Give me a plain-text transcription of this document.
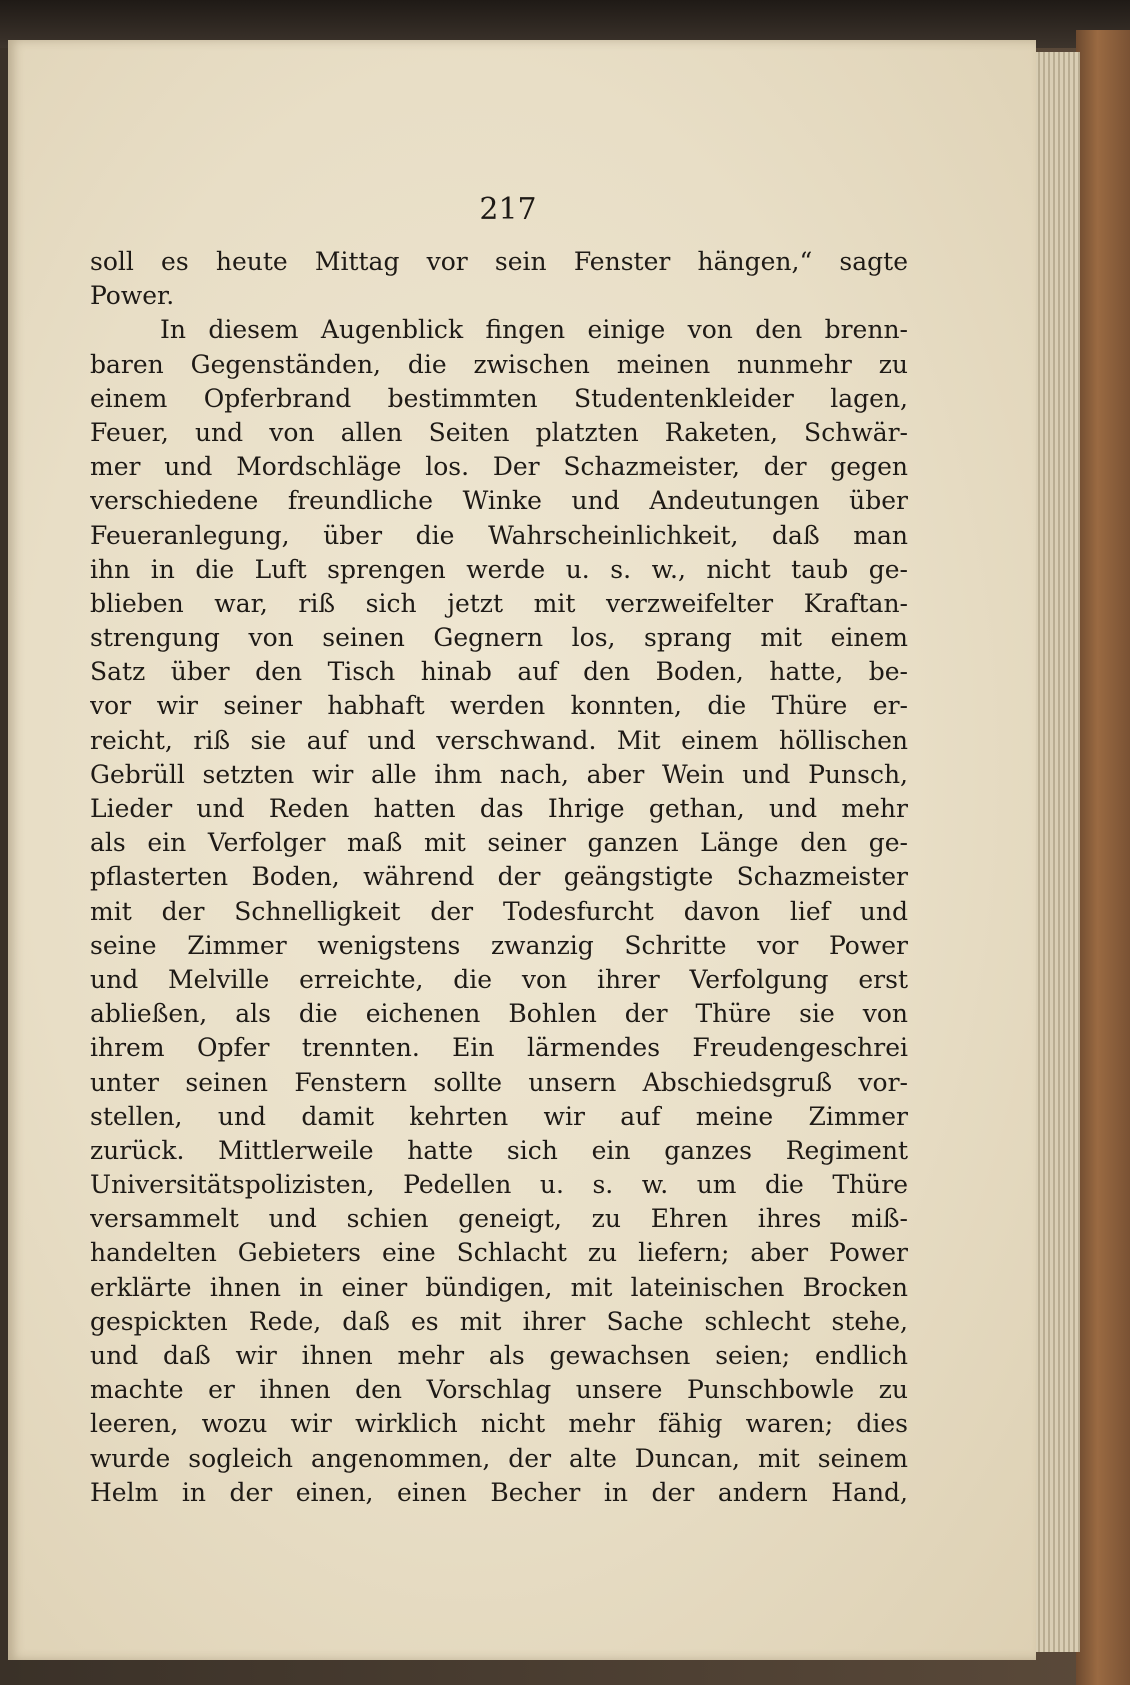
217
soll es heute Mittag vor sein Fenster hängen,“ sagte
Power.
In diesem Augenblick fingen einige von den brenn-
baren Gegenständen, die zwischen meinen nunmehr zu
einem Opferbrand bestimmten Studentenkleider lagen,
Feuer, und von allen Seiten platzten Raketen, Schwär-
mer und Mordschläge los. Der Schazmeister, der gegen
verschiedene freundliche Winke und Andeutungen über
Feueranlegung, über die Wahrscheinlichkeit, daß man
ihn in die Luft sprengen werde u. s. w., nicht taub ge-
blieben war, riß sich jetzt mit verzweifelter Kraftan-
strengung von seinen Gegnern los, sprang mit einem
Satz über den Tisch hinab auf den Boden, hatte, be-
vor wir seiner habhaft werden konnten, die Thüre er-
reicht, riß sie auf und verschwand. Mit einem höllischen
Gebrüll setzten wir alle ihm nach, aber Wein und Punsch,
Lieder und Reden hatten das Ihrige gethan, und mehr
als ein Verfolger maß mit seiner ganzen Länge den ge-
pflasterten Boden, während der geängstigte Schazmeister
mit der Schnelligkeit der Todesfurcht davon lief und
seine Zimmer wenigstens zwanzig Schritte vor Power
und Melville erreichte, die von ihrer Verfolgung erst
abließen, als die eichenen Bohlen der Thüre sie von
ihrem Opfer trennten. Ein lärmendes Freudengeschrei
unter seinen Fenstern sollte unsern Abschiedsgruß vor-
stellen, und damit kehrten wir auf meine Zimmer
zurück. Mittlerweile hatte sich ein ganzes Regiment
Universitätspolizisten, Pedellen u. s. w. um die Thüre
versammelt und schien geneigt, zu Ehren ihres miß-
handelten Gebieters eine Schlacht zu liefern; aber Power
erklärte ihnen in einer bündigen, mit lateinischen Brocken
gespickten Rede, daß es mit ihrer Sache schlecht stehe,
und daß wir ihnen mehr als gewachsen seien; endlich
machte er ihnen den Vorschlag unsere Punschbowle zu
leeren, wozu wir wirklich nicht mehr fähig waren; dies
wurde sogleich angenommen, der alte Duncan, mit seinem
Helm in der einen, einen Becher in der andern Hand,
